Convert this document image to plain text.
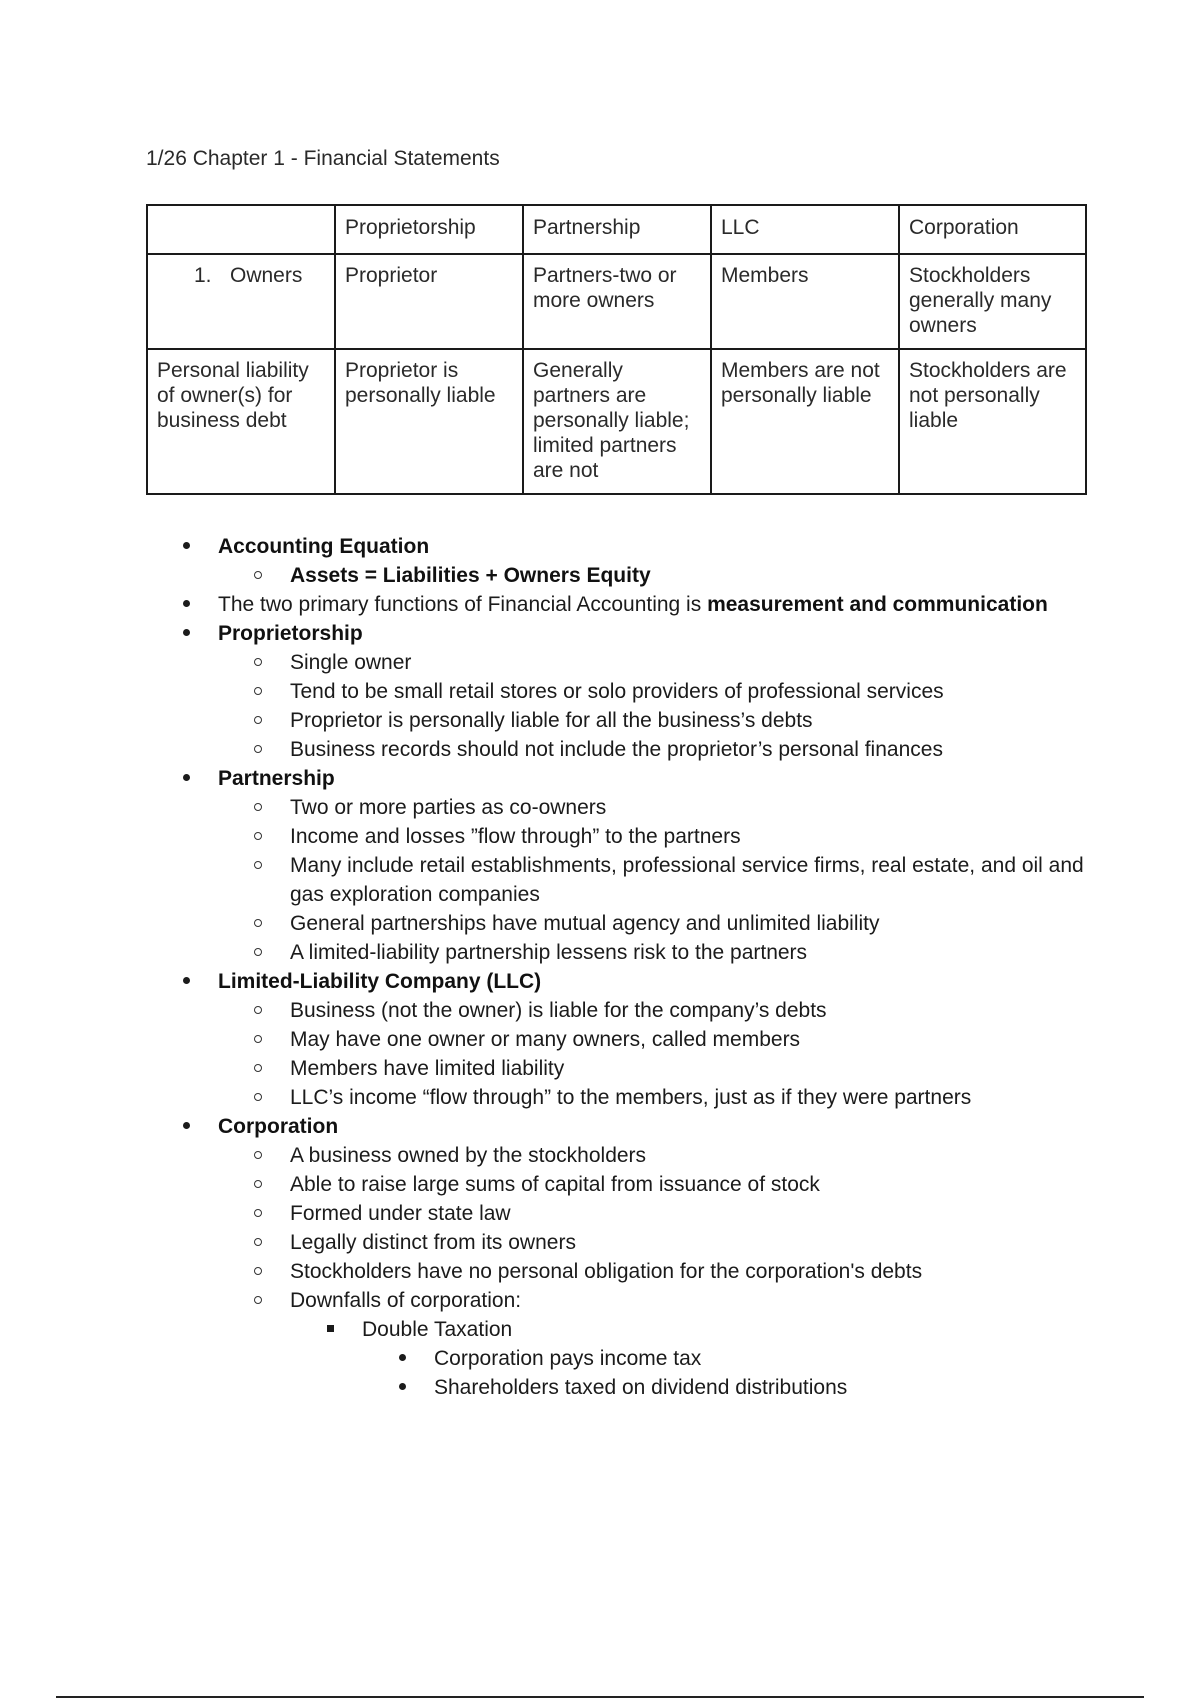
1/26 Chapter 1 - Financial Statements
	Proprietorship	Partnership	LLC	Corporation
1. Owners	Proprietor	Partners-two or more owners	Members	Stockholders generally many owners
Personal liability of owner(s) for business debt	Proprietor is personally liable	Generally partners are personally liable; limited partners are not	Members are not personally liable	Stockholders are not personally liable
Accounting Equation
Assets = Liabilities + Owners Equity
The two primary functions of Financial Accounting is measurement and communication
Proprietorship
Single owner
Tend to be small retail stores or solo providers of professional services
Proprietor is personally liable for all the business’s debts
Business records should not include the proprietor’s personal finances
Partnership
Two or more parties as co-owners
Income and losses ”flow through” to the partners
Many include retail establishments, professional service firms, real estate, and oil and gas exploration companies
General partnerships have mutual agency and unlimited liability
A limited-liability partnership lessens risk to the partners
Limited-Liability Company (LLC)
Business (not the owner) is liable for the company’s debts
May have one owner or many owners, called members
Members have limited liability
LLC’s income “flow through” to the members, just as if they were partners
Corporation
A business owned by the stockholders
Able to raise large sums of capital from issuance of stock
Formed under state law
Legally distinct from its owners
Stockholders have no personal obligation for the corporation's debts
Downfalls of corporation:
Double Taxation
Corporation pays income tax
Shareholders taxed on dividend distributions
